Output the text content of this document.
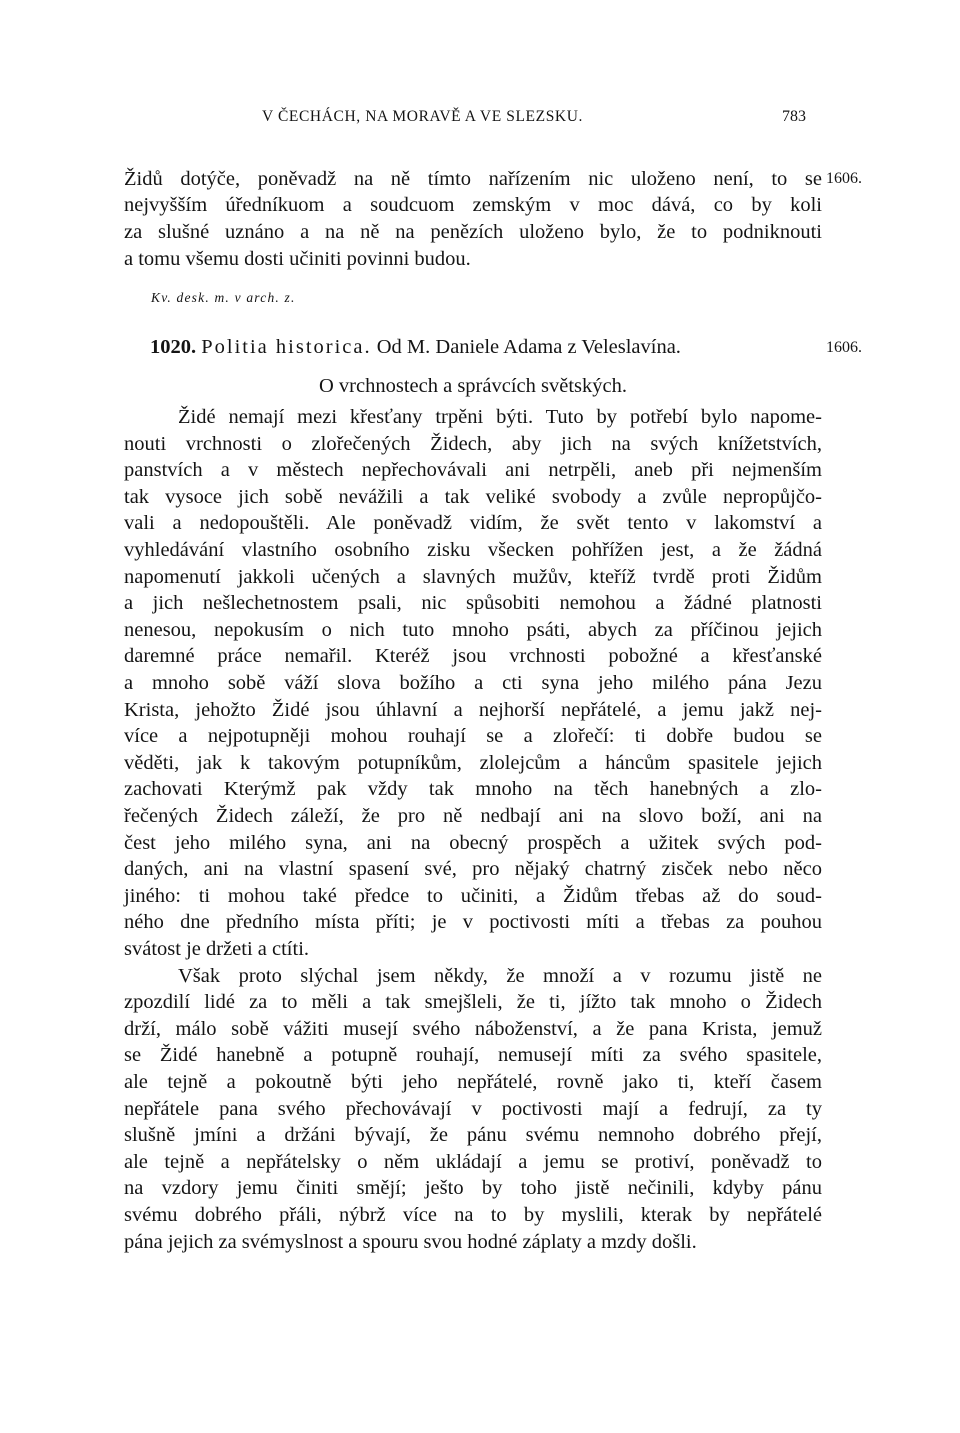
V ČECHÁCH, NA MORAVĚ A VE SLEZSKU.	783
Židů dotýče, poněvadž na ně tímto nařízením nic uloženo není, to se 1606.
nejvyšším úředníkuom a soudcuom zemským v moc dává, co by koli
za slušné uznáno a na ně na penězích uloženo bylo, že to podniknouti
a tomu všemu dosti učiniti povinni budou.
Kv. desk. m. v arch. z.
1020. Politia historica. Od M. Daniele Adama z Veleslavína.	1606.
O vrchnostech a správcích světských.
Židé nemají mezi křesťany trpěni býti. Tuto by potřebí bylo napome-
nouti vrchnosti o zlořečených Židech, aby jich na svých knížetstvích,
panstvích a v městech nepřechovávali ani netrpěli, aneb při nejmenším
tak vysoce jich sobě nevážili a tak veliké svobody a zvůle nepropůjčo-
vali a nedopouštěli. Ale poněvadž vidím, že svět tento v lakomství a
vyhledávání vlastního osobního zisku všecken pohřížen jest, a že žádná
napomenutí jakkoli učených a slavných mužův, kteříž tvrdě proti Židům
a jich nešlechetnostem psali, nic spůsobiti nemohou a žádné platnosti
nenesou, nepokusím o nich tuto mnoho psáti, abych za příčinou jejich
daremné práce nemařil. Kteréž jsou vrchnosti pobožné a křesťanské
a mnoho sobě váží slova božího a cti syna jeho milého pána Jezu
Krista, jehožto Židé jsou úhlavní a nejhorší nepřátelé, a jemu jakž nej-
více a nejpotupněji mohou rouhají se a zlořečí: ti dobře budou se
věděti, jak k takovým potupníkům, zlolejcům a háncům spasitele jejich
zachovati Kterýmž pak vždy tak mnoho na těch hanebných a zlo-
řečených Židech záleží, že pro ně nedbají ani na slovo boží, ani na
čest jeho milého syna, ani na obecný prospěch a užitek svých pod-
daných, ani na vlastní spasení své, pro nějaký chatrný zisček nebo něco
jiného: ti mohou také předce to učiniti, a Židům třebas až do soud-
ného dne předního místa příti; je v poctivosti míti a třebas za pouhou
svátost je držeti a ctíti.
Však proto slýchal jsem někdy, že množí a v rozumu jistě ne
zpozdilí lidé za to měli a tak smejšleli, že ti, jížto tak mnoho o Židech
drží, málo sobě vážiti musejí svého náboženství, a že pana Krista, jemuž
se Židé hanebně a potupně rouhají, nemusejí míti za svého spasitele,
ale tejně a pokoutně býti jeho nepřátelé, rovně jako ti, kteří časem
nepřátele pana svého přechovávají v poctivosti mají a fedrují, za ty
slušně jmíni a držáni bývají, že pánu svému nemnoho dobrého přejí,
ale tejně a nepřátelsky o něm ukládají a jemu se protiví, poněvadž to
na vzdory jemu činiti smějí; ješto by toho jistě nečinili, kdyby pánu
svému dobrého přáli, nýbrž více na to by myslili, kterak by nepřátelé
pána jejich za svémyslnost a spouru svou hodné záplaty a mzdy došli.
